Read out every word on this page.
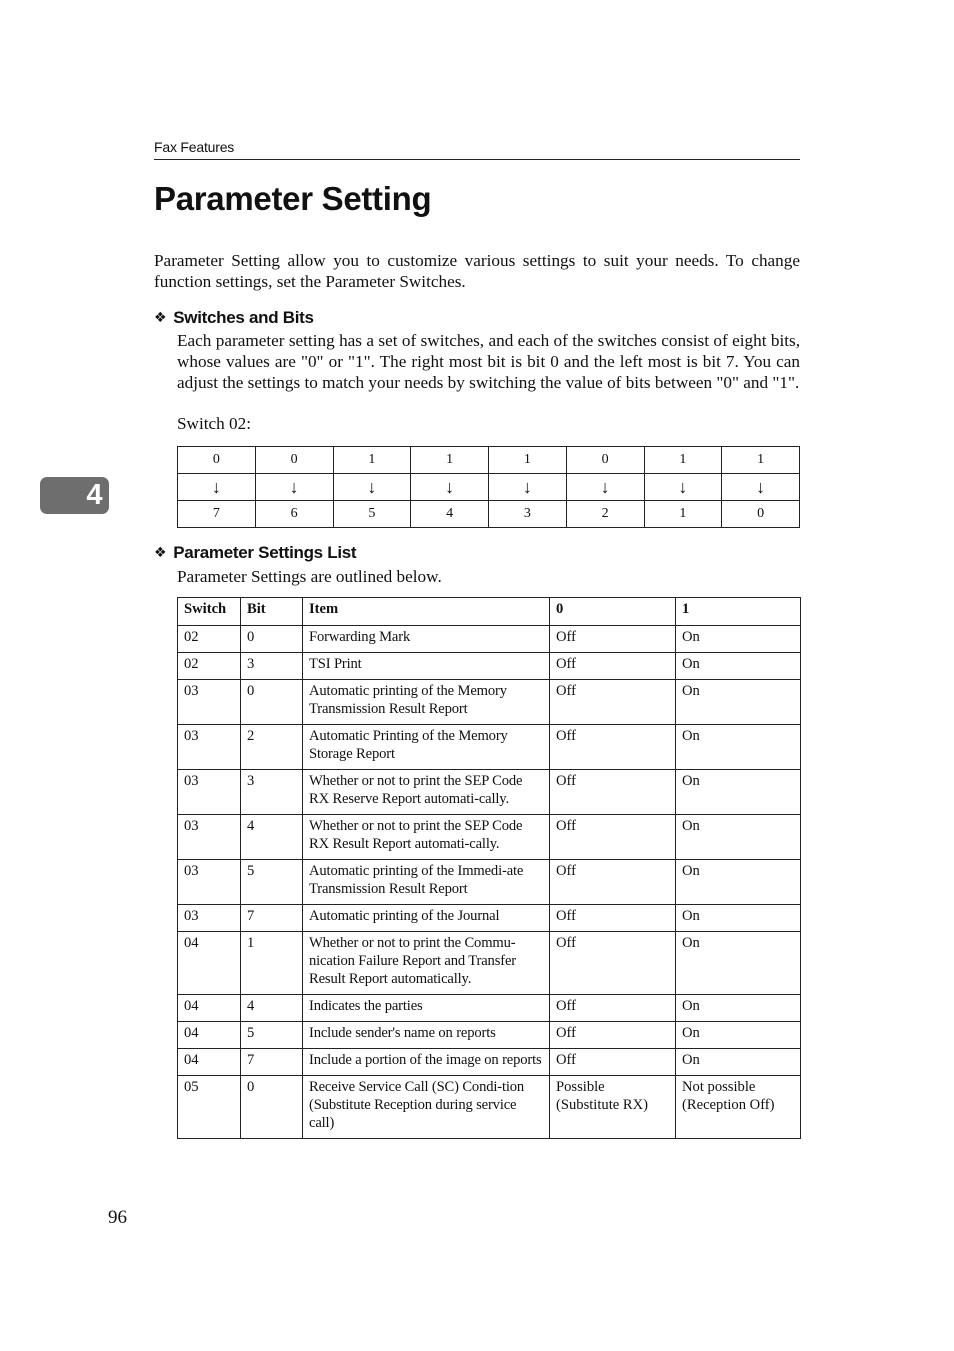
Fax Features
Parameter Setting

Parameter Setting allow you to customize various settings to suit your needs. To change function settings, set the Parameter Switches.

❖ Switches and Bits

Each parameter setting has a set of switches, and each of the switches consist of eight bits, whose values are "0" or "1". The right most bit is bit 0 and the left most is bit 7. You can adjust the settings to match your needs by switching the value of bits between "0" and "1".

Switch 02:

0	0	1	1	1	0	1	1
↓	↓	↓	↓	↓	↓	↓	↓
7	6	5	4	3	2	1	0
❖ Parameter Settings List

Parameter Settings are outlined below.

Switch	Bit	Item	0	1
02	0	Forwarding Mark	Off	On
02	3	TSI Print	Off	On
03	0	Automatic printing of the Memory Transmission Result Report	Off	On
03	2	Automatic Printing of the Memory Storage Report	Off	On
03	3	Whether or not to print the SEP Code RX Reserve Report automati-cally.	Off	On
03	4	Whether or not to print the SEP Code RX Result Report automati-cally.	Off	On
03	5	Automatic printing of the Immedi-ate Transmission Result Report	Off	On
03	7	Automatic printing of the Journal	Off	On
04	1	Whether or not to print the Commu-nication Failure Report and Transfer Result Report automatically.	Off	On
04	4	Indicates the parties	Off	On
04	5	Include sender's name on reports	Off	On
04	7	Include a portion of the image on reports	Off	On
05	0	Receive Service Call (SC) Condi-tion (Substitute Reception during service call)	Possible (Substitute RX)	Not possible (Reception Off)
4
96
